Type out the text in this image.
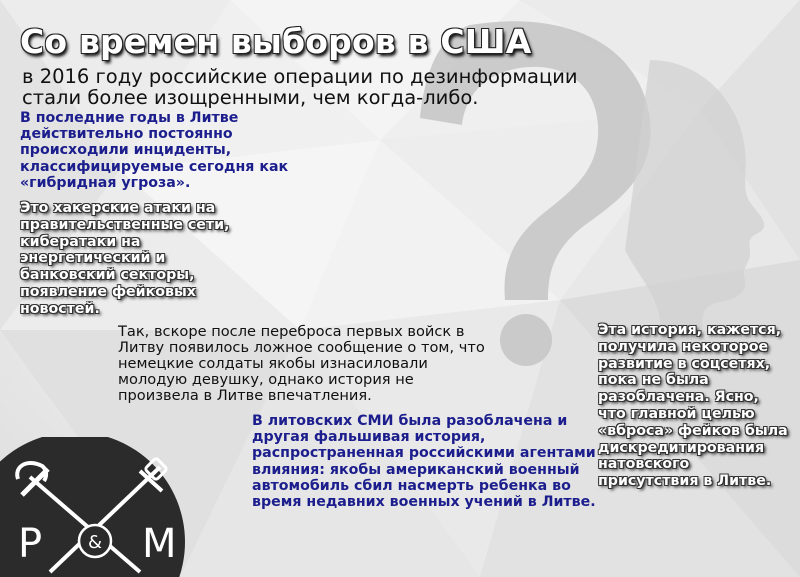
Со времен выборов в США
в 2016 году российские операции по дезинформации стали более изощренными, чем когда-либо.
В последние годы в Литве действительно постоянно происходили инциденты, классифицируемые сегодня как «гибридная угроза».
Это хакерские атаки на правительственные сети, кибератаки на энергетический и банковский секторы, появление фейковых новостей.
Так, вскоре после переброса первых войск в Литву появилось ложное сообщение о том, что немецкие солдаты якобы изнасиловали молодую девушку, однако история не произвела в Литве впечатления.
В литовских СМИ была разоблачена и другая фальшивая история, распространенная российскими агентами влияния: якобы американский военный автомобиль сбил насмерть ребенка во время недавних военных учений в Литве.
Эта история, кажется, получила некоторое развитие в соцсетях, пока не была разоблачена. Ясно, что главной целью «вброса» фейков была дискредитирования натовского присутствия в Литве.
P	& M
